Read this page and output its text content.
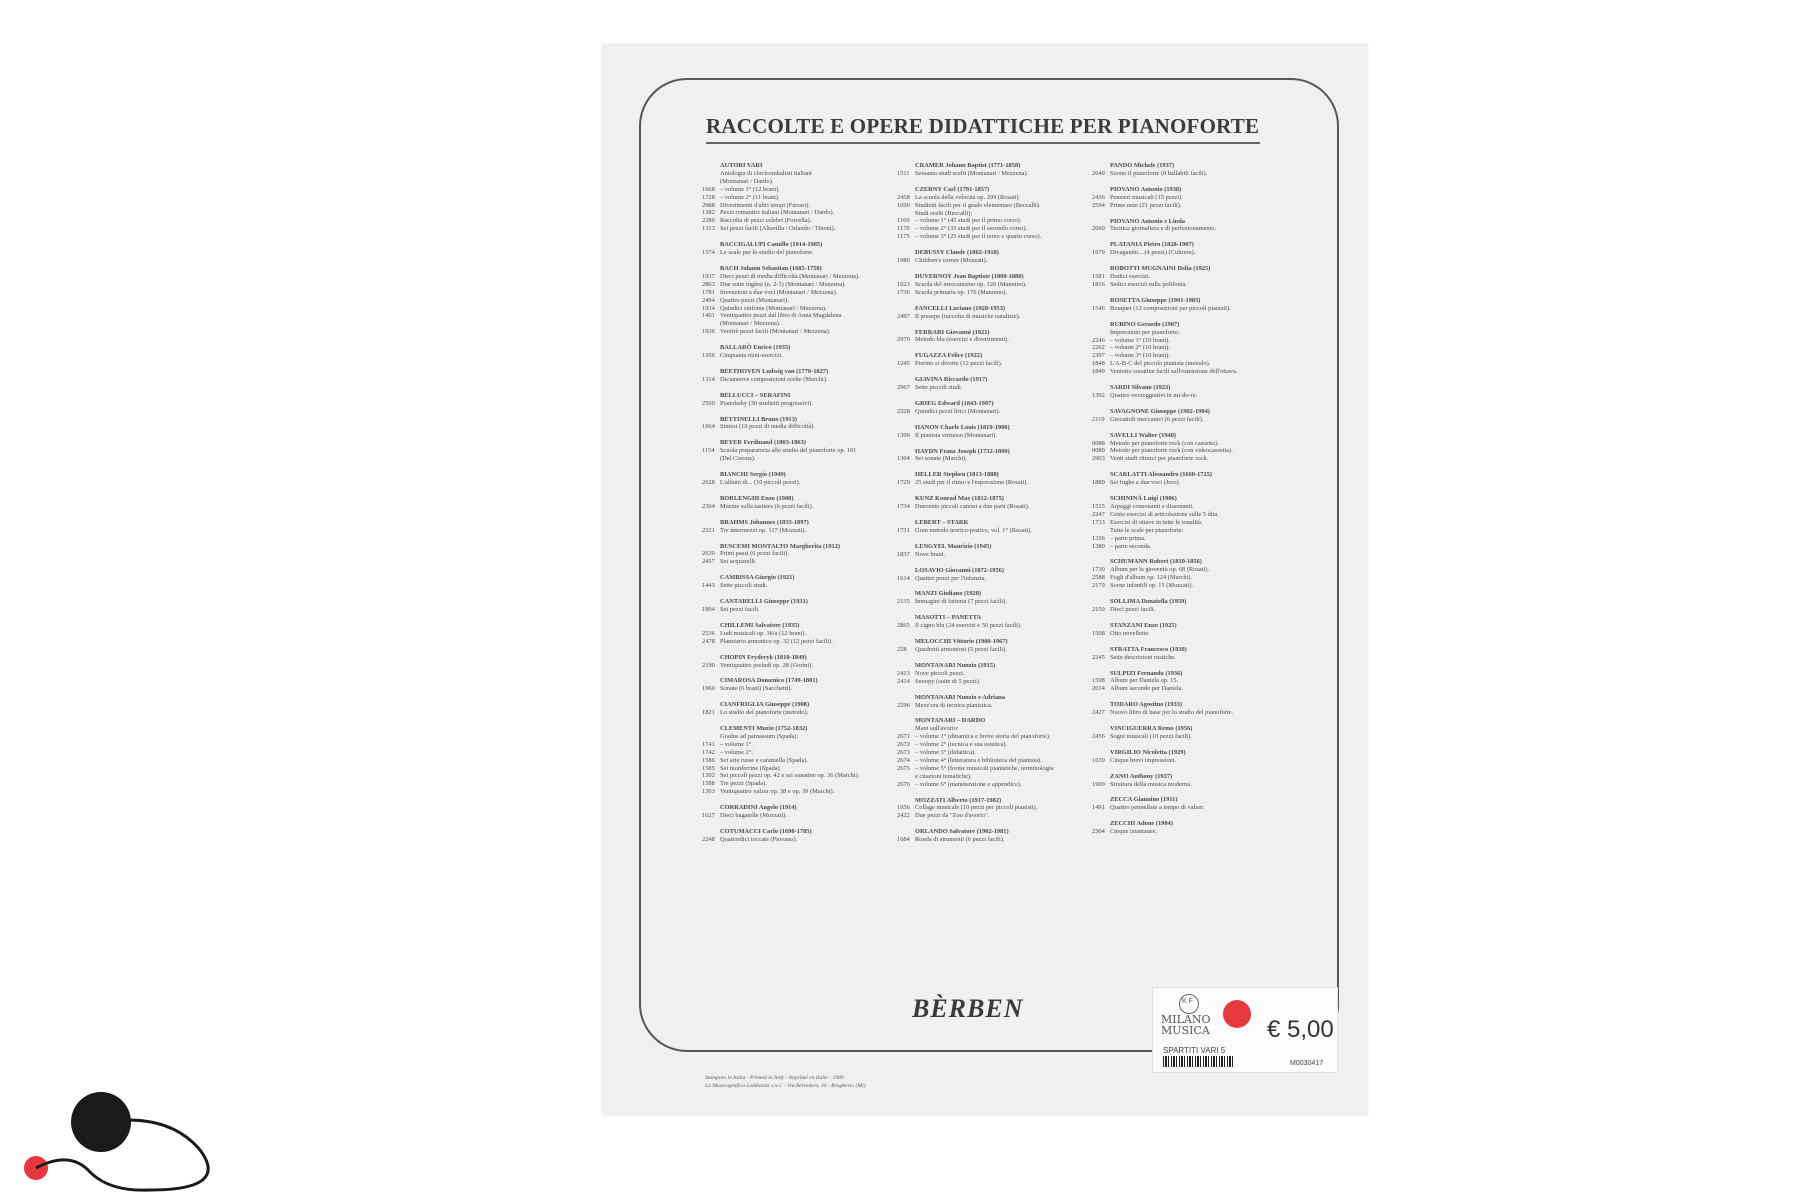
RACCOLTE E OPERE DIDATTICHE PER PIANOFORTE
AUTORI VARI
Antologia di clavicembalisti italiani
(Montanari / Dardo).
1668 – volume 1° (12 brani).
1728 – volume 2° (11 brani).
2988 Divertimenti d'altri tempi (Ferrari).
1382 Pezzi romantici italiani (Montanari / Dardo).
2289 Raccolta di pezzi celebri (Forcella).
1313 Sei pezzi facili (Altavilla / Orlando / Tinoni).
BACCIGALUPI Camillo (1914-1985)
1574 Le scale per lo studio del pianoforte.
BACH Johann Sebastian (1685-1750)
1937 Dieci pezzi di media difficoltà (Montanari / Mezzena).
2863 Due suite inglesi (n. 2-3) (Montanari / Mezzena).
1781 Invenzioni a due voci (Montanari / Mezzena).
2494 Quattro pezzi (Montanari).
1934 Quindici sinfonie (Montanari / Mezzena).
1461 Ventiquattro pezzi dal libro di Anna Magdalena
(Montanari / Mezzena).
1936 Venitrè pezzi facili (Montanari / Mezzena).
BALLARÒ Enrico (1935)
1356 Cinquanta mini-esercizi.
BEETHOVEN Ludwig van (1770-1827)
1314 Diciannove composizioni scelte (Marchi).
BELLUCCI – SERAFINI
2560 Pianobaby (30 studietti progressivi).
BETTINELLI Bruno (1913)
1964 Sintesi (10 pezzi di media difficoltà).
BEYER Ferdinand (1803-1863)
1154 Scuola preparatoria allo studio del pianoforte op. 101
(Del Corona).
BIANCHI Sergio (1949)
2628 L'album di... (10 piccoli pezzi).
BORLENGHI Enzo (1908)
2364 Musine sulla tastiera (6 pezzi facili).
BRAHMS Johannes (1833-1897)
2321 Tre intermezzi op. 117 (Mozzati).
BUSCEMI MONTALTO Margherita (1912)
2630 Primi passi (6 pezzi facili).
2457 Sei acquarelli.
CAMBISSA Giorgio (1921)
1443 Sette piccoli studi.
CANTARELLI Giuseppe (1931)
1904 Sei pezzi facili.
CHILLEMI Salvatore (1935)
2536 Ludi musicali op. 36/a (12 brani).
2478 Planetario armonico op. 32 (12 pezzi facili).
CHOPIN Fryderyk (1810-1849)
2190 Ventiquattro preludi op. 28 (Gorini).
CIMAROSA Domenico (1749-1801)
1960 Sonate (6 brani) (Sacchetti).
CIANFRIGLIA Giuseppe (1908)
1821 Lo studio del pianoforte (metodo).
CLEMENTI Muzio (1752-1832)
Gradus ad parnassum (Spada):
1741 – volume 1°.
1742 – volume 2°.
1586 Sei arie russe e caramella (Spada).
1585 Sei monferrine (Spada).
1302 Sei piccoli pezzi op. 42 e sei sonatine op. 36 (Marchi).
1588 Tre pezzi (Spada).
1303 Ventiquattro valzer op. 38 e op. 39 (Marchi).
CORRADINI Angelo (1914)
1627 Dieci bagatelle (Mozzati).
COTUMACCI Carlo (1698-1785)
2248 Quattordici toccate (Piovano).
CRAMER Johann Baptist (1771-1858)
1511 Sessanta studi scelti (Montanari / Mezzena).
CZERNY Carl (1791-1857)
2458 La scuola della velocità op. 299 (Rosati).
1690 Studietti facili per il grado elementare (Beccalli).
Studi scelti (Beccalli):
1169 – volume 1° (45 studi per il primo corso).
1170 – volume 2° (35 studi per il secondo corso).
1175 – volume 3° (25 studi per il terzo e quarto corso).
DEBUSSY Claude (1862-1918)
1980 Children's corner (Mozzati).
DUVERNOY Jean Baptiste (1800-1880)
1623 Scuola del meccanismo op. 120 (Mannino).
1736 Scuola primaria op. 176 (Mannino).
FANCELLI Luciano (1928-1953)
2497 Il presepe (raccolta di musiche natalizie).
FERRARI Giovanni (1921)
2970 Metodo blu (esercizi e divertimenti).
FUGAZZA Felice (1922)
1245 Pierino si diverte (12 pezzi facili).
GIAVINA Riccardo (1917)
2967 Sette piccoli studi.
GRIEG Edward (1843-1907)
2328 Quindici pezzi lirici (Montanari).
HANON Charle Louis (1819-1900)
1399 Il pianista virtuoso (Montanari).
HAYDN Franz Joseph (1732-1809)
1304 Sei sonate (Marchi).
HELLER Stephen (1813-1888)
1729 25 studi per il ritmo e l'espressione (Rosati).
KUNZ Konrad Max (1812-1875)
1734 Duecento piccoli canoni a due parti (Rosati).
LEBERT – STARK
1731 Gran metodo teorico-pratico, vol. 1° (Rosati).
LENGYEL Maurizio (1945)
1837 Nove brani.
LOSAVIO Giovanni (1872-1956)
1614 Quattro pezzi per l'infanzia.
MANZI Giuliano (1928)
2135 Immagini di fattoria (7 pezzi facili).
MASOTTI – PANETTA
2865 Il cigno blu (24 esercizi e 50 pezzi facili).
MELOCCHI Vittorio (1900-1967)
228	Quadretti armoniosi (5 pezzi facili).
MONTANARI Nunzio (1915)
2413 Nove piccoli pezzi.
2414 Snoopy (suite di 5 pezzi).
MONTANARI Nunzio e Adriana
2296 Mezz'ora di tecnica pianistica.
MONTANARI – DARDO
Mani sull'avorio:
2671 – volume 1° (dinamica e breve storia del pianoforte).
2672 – volume 2° (tecnica e sua estetica).
2673 – volume 3° (didattica).
2674 – volume 4° (letteratura e biblioteca del pianista).
2675 – volume 5° (forme musicali pianistiche, terminologia
e citazioni tematiche).
2676 – volume 6° (manutenzione e appendice).
MOZZATI Alberto (1917-1982)
1956 Collage musicale (10 pezzi per piccoli pianisti).
2422 Due pezzi da "Zoo d'avorio".
ORLANDO Salvatore (1902-1981)
1684 Ronda di strumenti (6 pezzi facili).
PANDO Michele (1937)
2649 Suono il pianoforte (8 ballabili facili).
PIOVANO Antonio (1938)
2436 Pensieri musicali (15 pezzi).
2594 Prime note (21 pezzi facili).
PIOVANO Antonio e Linda
2660 Tecnica giornaliera e di perfezionamento.
PLATANIA Pietro (1828-1907)
1679 Divagando... (4 pezzi) (Cultrera).
ROBOTTI MUGNAINI Delia (1925)
1581 Dodici esercizi.
1816 Sedici esercizi sulla polifonia.
ROSETTA Giuseppe (1901-1985)
1546 Bouquet (12 composizioni per piccoli pianisti).
RUBINO Gerardo (1907)
Impressioni per pianoforte:
2246 – volume 1° (10 brani).
2262 – volume 2° (10 brani).
2397 – volume 3° (10 brani).
1848 L'A-B-C del piccolo pianista (metodo).
1849 Ventotto sonatine facili sull'estensione dell'ottava.
SARDI Silvano (1923)
1392 Quattro vezzeggiativi in mi-do-re.
SAVAGNONE Giuseppe (1902-1984)
2119 Giocattoli meccanici (6 pezzi facili).
SAVELLI Walter (1948)
0088 Metodo per pianoforte rock (con cassetta).
0089 Metodo per pianoforte rock (con videocassetta).
2903 Venti studi ritmici per pianoforte rock.
SCARLATTI Alessandro (1660-1725)
1889 Sei fughe a due voci (Jero).
SCHININÀ Luigi (1906)
1535 Arpeggi consonanti e dissonanti.
2247 Cento esercizi di articolazione sulle 5 dita.
1733 Esercizi di ottave in tutte le tonalità.
Tutte le scale per pianoforte:
1336 – parte prima.
1380 – parte seconda.
SCHUMANN Robert (1810-1856)
1730 Album per la gioventù op. 68 (Rosati).
2588 Fogli d'album op. 124 (Marchi).
2179 Scene infantili op. 15 (Mozzati).
SOLLIMA Donatella (1959)
2159 Dieci pezzi facili.
STANZANI Enzo (1925)
1508 Otto novellette.
STRATTA Francesco (1930)
2245 Sette descrizioni rustiche.
SULPIZI Fernando (1936)
1598 Album per Daniela op. 15.
2014 Album secondo per Daniela.
TODARO Agostino (1933)
2427 Nuovo libro di base per lo studio del pianoforte.
VINCIGUERRA Remo (1956)
2456 Sogni musicali (10 pezzi facili).
VIRGILIO Nicoletta (1929)
1639 Cinque brevi impressioni.
ZANO Anthony (1937)
1900 Struttura della musica moderna.
ZECCA Giannino (1911)
1491 Quattro pennellate a tempo di valzer.
ZECCHI Adone (1904)
2304 Cinque istantanee.
BÈRBEN
Stampato in Italia - Printed in Italy - Imprimé en Italie - 1989
La Musicografica Lombarda s.n.c. - Via Belvedere, 34 - Brugherio (Mi)
K F
MILANO MUSICA	€ 5,00
SPARTITI VARI 5
M0030417
